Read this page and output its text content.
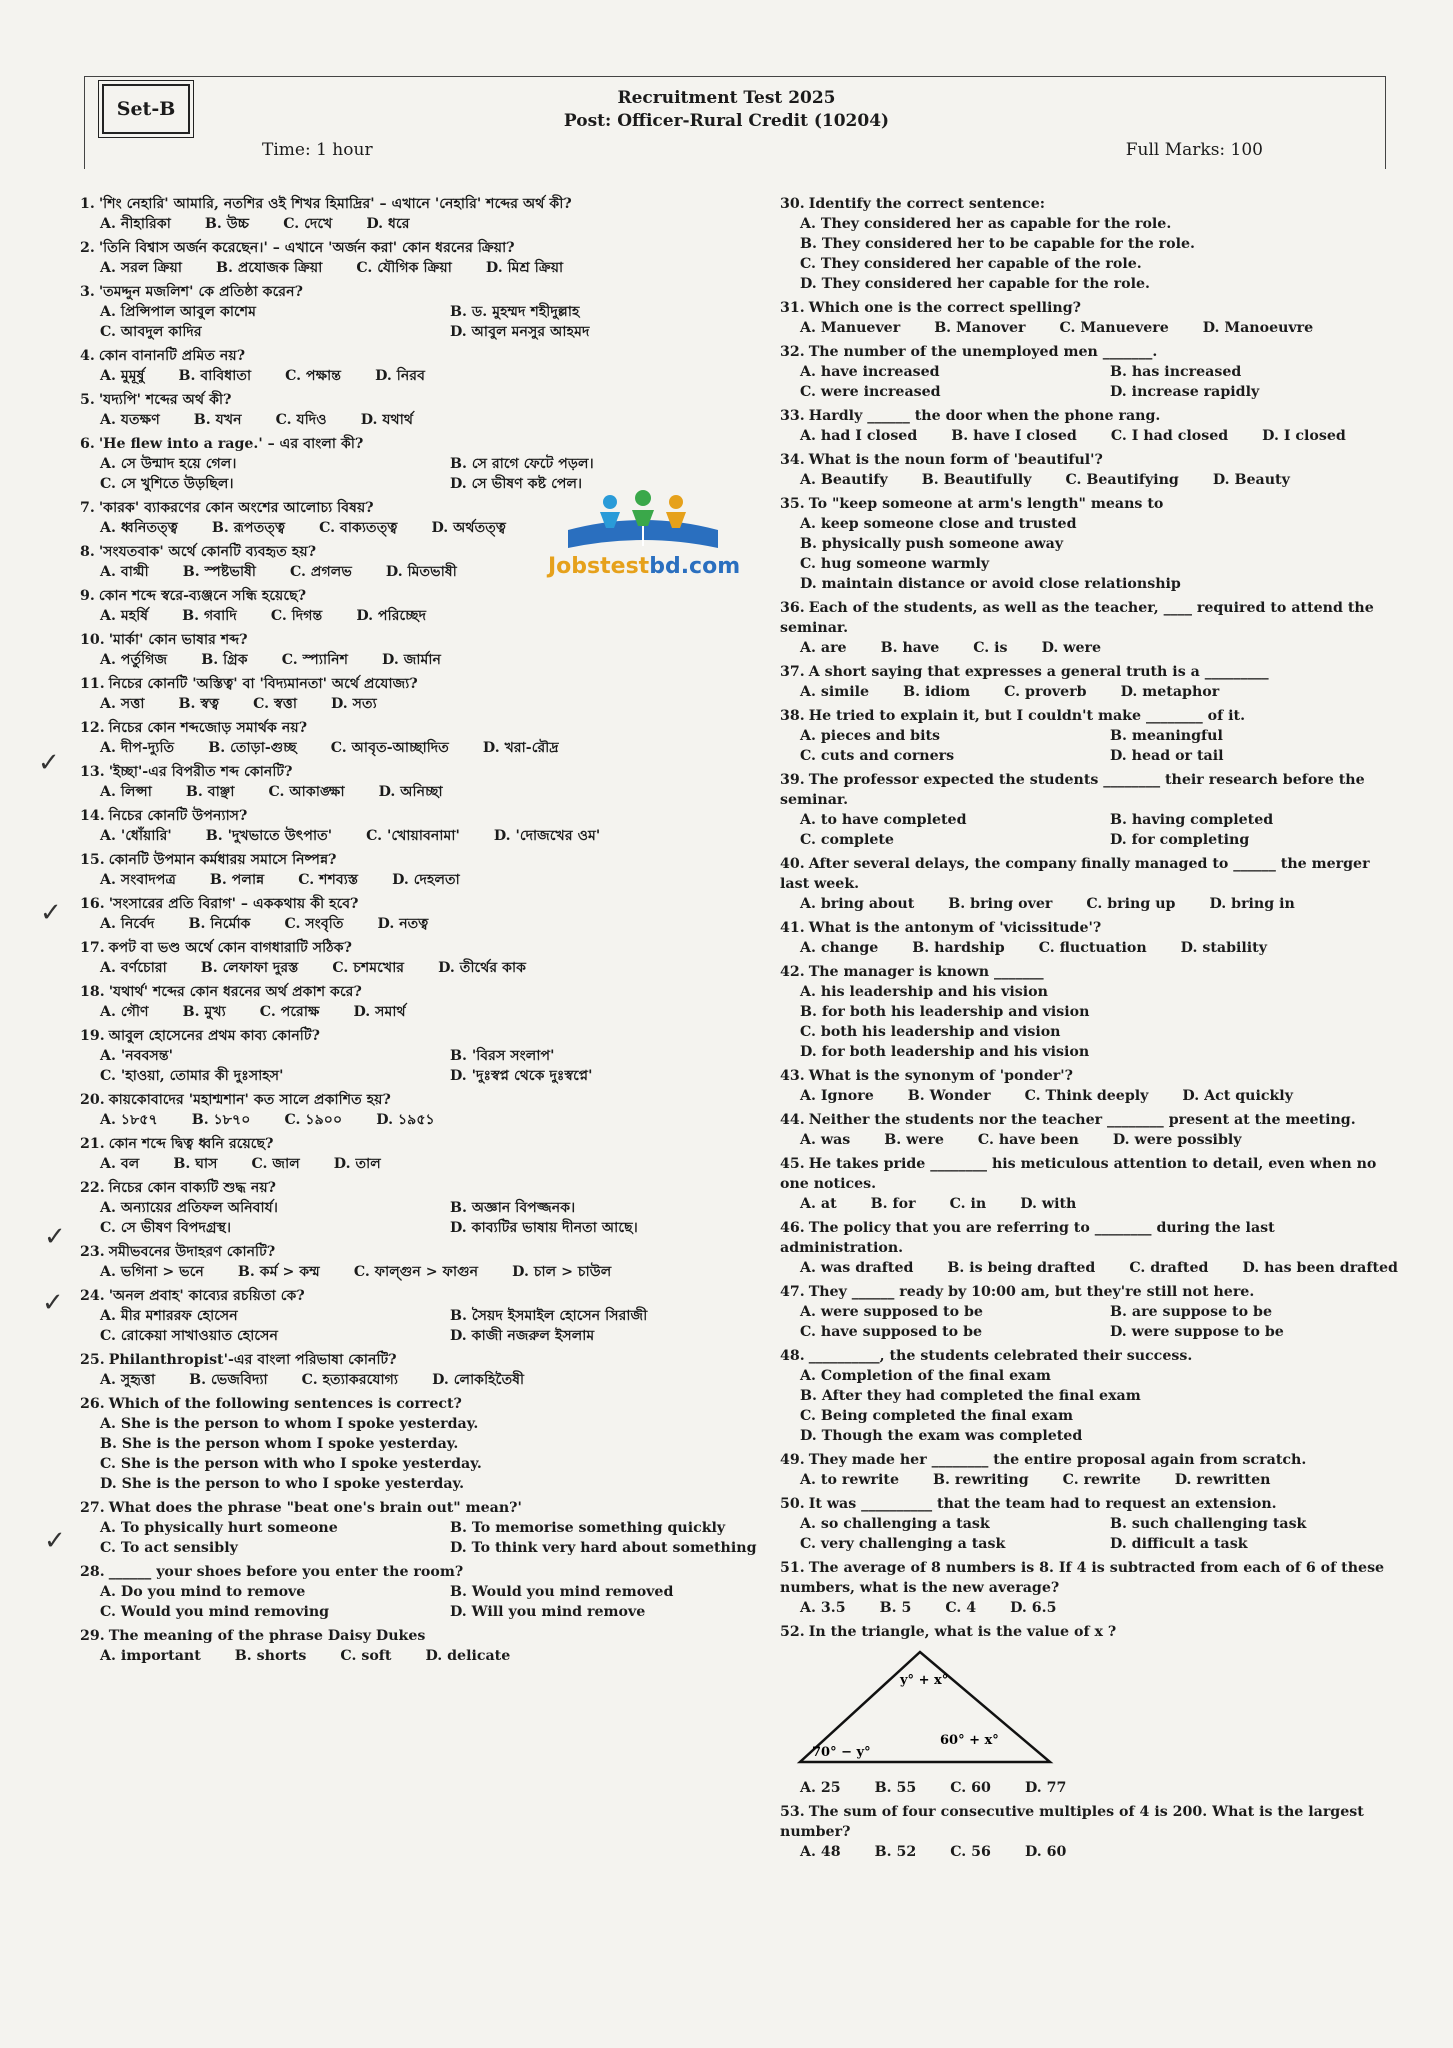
Set-B	Recruitment Test 2025
Post: Officer-Rural Credit (10204)
Time: 1 hour	Full Marks: 100
1. 'শিং নেহারি' আমারি, নতশির ওই শিখর হিমাদ্রির' – এখানে 'নেহারি' শব্দের অর্থ কী?
A. নীহারিকা B. উচ্চ C. দেখে D. ধরে
2. 'তিনি বিশ্বাস অর্জন করেছেন।' – এখানে 'অর্জন করা' কোন ধরনের ক্রিয়া?
A. সরল ক্রিয়া B. প্রযোজক ক্রিয়া C. যৌগিক ক্রিয়া D. মিশ্র ক্রিয়া
3. 'তমদ্দুন মজলিশ' কে প্রতিষ্ঠা করেন?
A. প্রিন্সিপাল আবুল কাশেম	B. ড. মুহম্মদ শহীদুল্লাহ
C. আবদুল কাদির	D. আবুল মনসুর আহমদ
4. কোন বানানটি প্রমিত নয়?
A. মুমূর্ষু B. বাবিধাতা C. পক্ষান্ত D. নিরব
5. 'যদ্যপি' শব্দের অর্থ কী?
A. যতক্ষণ B. যখন C. যদিও D. যথার্থ
6. 'He flew into a rage.' – এর বাংলা কী?
A. সে উন্মাদ হয়ে গেল।	B. সে রাগে ফেটে পড়ল।
C. সে খুশিতে উড়ছিল।	D. সে ভীষণ কষ্ট পেল।
7. 'কারক' ব্যাকরণের কোন অংশের আলোচ্য বিষয়?
A. ধ্বনিতত্ত্ব B. রূপতত্ত্ব C. বাক্যতত্ত্ব D. অর্থতত্ত্ব
8. 'সংযতবাক' অর্থে কোনটি ব্যবহৃত হয়?
A. বাগ্মী B. স্পষ্টভাষী C. প্রগলভ D. মিতভাষী
9. কোন শব্দে স্বরে-ব্যঞ্জনে সন্ধি হয়েছে?
A. মহর্ষি B. গবাদি C. দিগন্ত D. পরিচ্ছেদ
10. 'মার্কা' কোন ভাষার শব্দ?
A. পর্তুগিজ B. গ্রিক C. স্প্যানিশ D. জার্মান
11. নিচের কোনটি 'অস্তিত্ব' বা 'বিদ্যমানতা' অর্থে প্রযোজ্য?
A. সত্তা B. স্বত্ব C. স্বত্তা D. সত্য
12. নিচের কোন শব্দজোড় সমার্থক নয়?
A. দীপ-দ্যুতি B. তোড়া-গুচ্ছ C. আবৃত-আচ্ছাদিত D. খরা-রৌদ্র
13. 'ইচ্ছা'-এর বিপরীত শব্দ কোনটি?
A. লিপ্সা B. বাঞ্ছা C. আকাঙ্ক্ষা D. অনিচ্ছা
14. নিচের কোনটি উপন্যাস?
A. 'ধোঁয়ারি' B. 'দুখভাতে উৎপাত' C. 'খোয়াবনামা' D. 'দোজখের ওম'
15. কোনটি উপমান কর্মধারয় সমাসে নিষ্পন্ন?
A. সংবাদপত্র B. পলান্ন C. শশব্যস্ত D. দেহলতা
16. 'সংসারের প্রতি বিরাগ' – এককথায় কী হবে?
A. নির্বেদ B. নির্মোক C. সংবৃতি D. নতত্ব
17. কপট বা ভণ্ড অর্থে কোন বাগধারাটি সঠিক?
A. বর্ণচোরা B. লেফাফা দুরস্ত C. চশমখোর D. তীর্থের কাক
18. 'যথার্থ' শব্দের কোন ধরনের অর্থ প্রকাশ করে?
A. গৌণ B. মুখ্য C. পরোক্ষ D. সমার্থ
19. আবুল হোসেনের প্রথম কাব্য কোনটি?
A. 'নববসন্ত'	B. 'বিরস সংলাপ'
C. 'হাওয়া, তোমার কী দুঃসাহস'	D. 'দুঃস্বপ্ন থেকে দুঃস্বপ্নে'
20. কায়কোবাদের 'মহাশ্মশান' কত সালে প্রকাশিত হয়?
A. ১৮৫৭ B. ১৮৭০ C. ১৯০০ D. ১৯৫১
21. কোন শব্দে দ্বিত্ব ধ্বনি রয়েছে?
A. বল B. ঘাস C. জাল D. তাল
22. নিচের কোন বাক্যটি শুদ্ধ নয়?
A. অন্যায়ের প্রতিফল অনিবার্য।	B. অজ্ঞান বিপজ্জনক।
C. সে ভীষণ বিপদগ্রস্থ।	D. কাব্যটির ভাষায় দীনতা আছে।
23. সমীভবনের উদাহরণ কোনটি?
A. ভগিনা > ভনে B. কর্ম > কম্ম C. ফাল্গুন > ফাগুন D. চাল > চাউল
24. 'অনল প্রবাহ' কাব্যের রচয়িতা কে?
A. মীর মশাররফ হোসেন	B. সৈয়দ ইসমাইল হোসেন সিরাজী
C. রোকেয়া সাখাওয়াত হোসেন	D. কাজী নজরুল ইসলাম
25. Philanthropist'-এর বাংলা পরিভাষা কোনটি?
A. সুহৃত্তা B. ভেজবিদ্যা C. হত্যাকরযোগ্য D. লোকহিতৈষী
26. Which of the following sentences is correct?
A. She is the person to whom I spoke yesterday.
B. She is the person whom I spoke yesterday.
C. She is the person with who I spoke yesterday.
D. She is the person to who I spoke yesterday.
27. What does the phrase "beat one's brain out" mean?'
A. To physically hurt someone	B. To memorise something quickly
C. To act sensibly	D. To think very hard about something
28. ______ your shoes before you enter the room?
A. Do you mind to remove	B. Would you mind removed
C. Would you mind removing	D. Will you mind remove
29. The meaning of the phrase Daisy Dukes
A. important B. shorts C. soft D. delicate
30. Identify the correct sentence:
A. They considered her as capable for the role.
B. They considered her to be capable for the role.
C. They considered her capable of the role.
D. They considered her capable for the role.
31. Which one is the correct spelling?
A. Manuever B. Manover C. Manuevere D. Manoeuvre
32. The number of the unemployed men _______.
A. have increased	B. has increased
C. were increased	D. increase rapidly
33. Hardly ______ the door when the phone rang.
A. had I closed B. have I closed C. I had closed D. I closed
34. What is the noun form of 'beautiful'?
A. Beautify B. Beautifully C. Beautifying D. Beauty
35. To "keep someone at arm's length" means to
A. keep someone close and trusted
B. physically push someone away
C. hug someone warmly
D. maintain distance or avoid close relationship
36. Each of the students, as well as the teacher, ____ required to attend the seminar.
A. are B. have C. is D. were
37. A short saying that expresses a general truth is a _________
A. simile B. idiom C. proverb D. metaphor
38. He tried to explain it, but I couldn't make ________ of it.
A. pieces and bits	B. meaningful
C. cuts and corners	D. head or tail
39. The professor expected the students ________ their research before the seminar.
A. to have completed	B. having completed
C. complete	D. for completing
40. After several delays, the company finally managed to ______ the merger last week.
A. bring about B. bring over C. bring up D. bring in
41. What is the antonym of 'vicissitude'?
A. change B. hardship C. fluctuation D. stability
42. The manager is known _______
A. his leadership and his vision
B. for both his leadership and vision
C. both his leadership and vision
D. for both leadership and his vision
43. What is the synonym of 'ponder'?
A. Ignore B. Wonder C. Think deeply D. Act quickly
44. Neither the students nor the teacher ________ present at the meeting.
A. was B. were C. have been D. were possibly
45. He takes pride ________ his meticulous attention to detail, even when no one notices.
A. at B. for C. in D. with
46. The policy that you are referring to ________ during the last administration.
A. was drafted B. is being drafted C. drafted D. has been drafted
47. They ______ ready by 10:00 am, but they're still not here.
A. were supposed to be	B. are suppose to be
C. have supposed to be	D. were suppose to be
48. __________, the students celebrated their success.
A. Completion of the final exam
B. After they had completed the final exam
C. Being completed the final exam
D. Though the exam was completed
49. They made her ________ the entire proposal again from scratch.
A. to rewrite B. rewriting C. rewrite D. rewritten
50. It was __________ that the team had to request an extension.
A. so challenging a task	B. such challenging task
C. very challenging a task	D. difficult a task
51. The average of 8 numbers is 8. If 4 is subtracted from each of 6 of these numbers, what is the new average?
A. 3.5 B. 5 C. 4 D. 6.5
52. In the triangle, what is the value of x ?
y° + x°
70° − y°
60° + x°
A. 25 B. 55 C. 60 D. 77
53. The sum of four consecutive multiples of 4 is 200. What is the largest number?
A. 48 B. 52 C. 56 D. 60
Jobstestbd.com
✓
✓
✓
✓
✓
